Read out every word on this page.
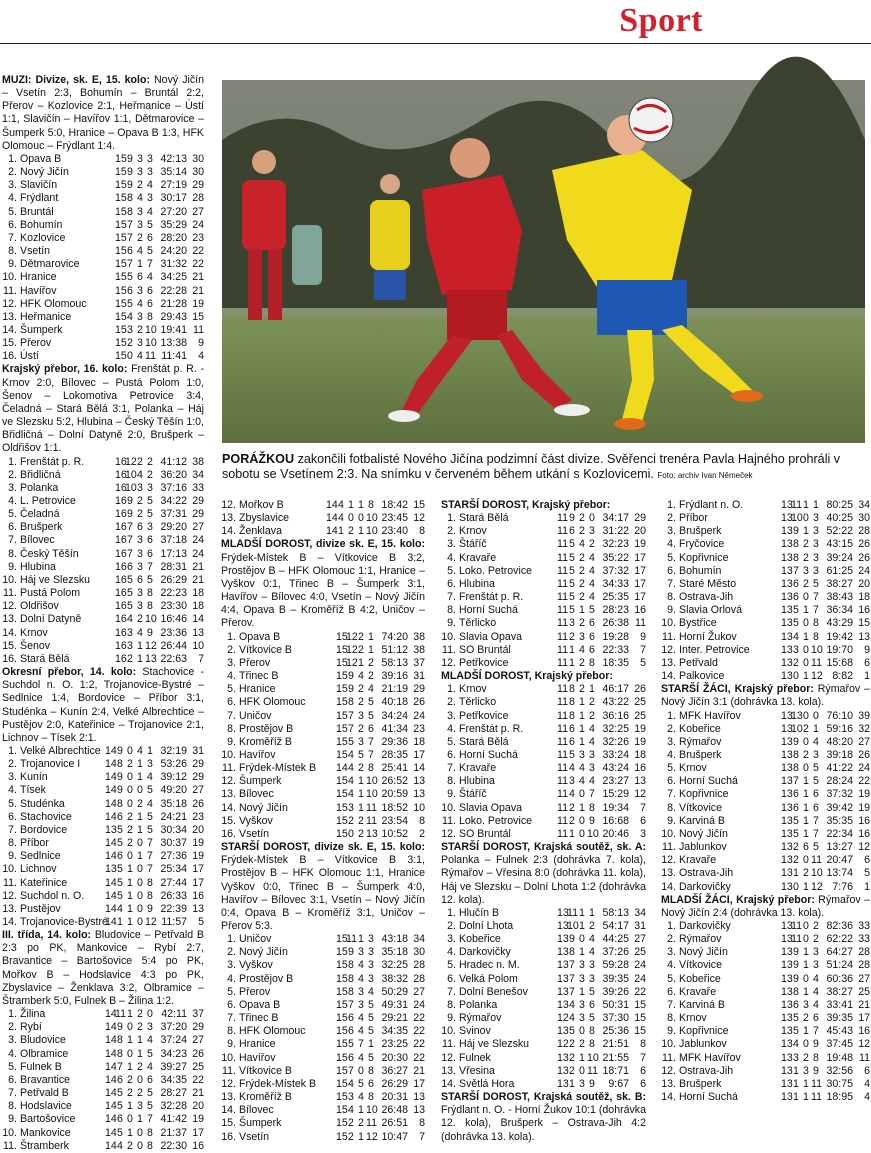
Sport
PORÁŽKOU zakončili fotbalisté Nového Jičína podzimní část divize. Svěřenci trenéra Pavla Hajného prohráli v sobotu se Vsetínem 2:3. Na snímku v červeném během utkání s Kozlovicemi. Foto: archiv Ivan Němeček

MUZI: Divize, sk. E, 15. kolo: Nový Jičín – Vsetín 2:3, Bohumín – Bruntál 2:2, Přerov – Kozlovice 2:1, Heřmanice – Ústí 1:1, Slavičín – Havířov 1:1, Dětmarovice – Šumperk 5:0, Hranice – Opava B 1:3, HFK Olomouc – Frýdlant 1:4.

1.	Opava B	15	9	3	3	42:13	30
2.	Nový Jičín	15	9	3	3	35:14	30
3.	Slavičín	15	9	2	4	27:19	29
4.	Frýdlant	15	8	4	3	30:17	28
5.	Bruntál	15	8	3	4	27:20	27
6.	Bohumín	15	7	3	5	35:29	24
7.	Kozlovice	15	7	2	6	28:20	23
8.	Vsetín	15	6	4	5	24:20	22
9.	Dětmarovice	15	7	1	7	31:32	22
10.	Hranice	15	5	6	4	34:25	21
11.	Havířov	15	6	3	6	22:28	21
12.	HFK Olomouc	15	5	4	6	21:28	19
13.	Heřmanice	15	4	3	8	29:43	15
14.	Šumperk	15	3	2	10	19:41	11
15.	Přerov	15	2	3	10	13:38	9
16.	Ústí	15	0	4	11	11:41	4

Krajský přebor, 16. kolo: Frenštát p. R. - Krnov 2:0, Bílovec – Pustá Polom 1:0, Šenov – Lokomotiva Petrovice 3:4, Čeladná – Stará Bělá 3:1, Polanka – Háj ve Slezsku 5:2, Hlubina – Český Těšín 1:0, Břidličná – Dolní Datyně 2:0, Brušperk – Oldřišov 1:1.

1.	Frenštát p. R.	16	12	2	2	41:12	38
2.	Břidličná	16	10	4	2	36:20	34
3.	Polanka	16	10	3	3	37:16	33
4.	L. Petrovice	16	9	2	5	34:22	29
5.	Čeladná	16	9	2	5	37:31	29
6.	Brušperk	16	7	6	3	29:20	27
7.	Bílovec	16	7	3	6	37:18	24
8.	Český Těšín	16	7	3	6	17:13	24
9.	Hlubina	16	6	3	7	28:31	21
10.	Háj ve Slezsku	16	5	6	5	26:29	21
11.	Pustá Polom	16	5	3	8	22:23	18
12.	Oldřišov	16	5	3	8	23:30	18
13.	Dolní Datyně	16	4	2	10	16:46	14
14.	Krnov	16	3	4	9	23:36	13
15.	Šenov	16	3	1	12	26:44	10
16.	Stará Bělá	16	2	1	13	22:63	7

Okresní přebor, 14. kolo: Stachovice - Suchdol n. O. 1:2, Trojanovice-Bystré – Sedlnice 1:4, Bordovice – Příbor 3:1, Studénka – Kunín 2:4, Velké Albrechtice – Pustějov 2:0, Kateřinice – Trojanovice 2:1, Lichnov – Tísek 2:1.

1.	Velké Albrechtice	14	9	0	4	1	32:19	31
2.	Trojanovice I	14	8	2	1	3	53:26	29
3.	Kunín	14	9	0	1	4	39:12	29
4.	Tísek	14	9	0	0	5	49:20	27
5.	Studénka	14	8	0	2	4	35:18	26
6.	Stachovice	14	6	2	1	5	24:21	23
7.	Bordovice	13	5	2	1	5	30:34	20
8.	Příbor	14	5	2	0	7	30:37	19
9.	Sedlnice	14	6	0	1	7	27:36	19
10.	Lichnov	13	5	1	0	7	25:34	17
11.	Kateřinice	14	5	1	0	8	27:44	17
12.	Suchdol n. O.	14	5	1	0	8	26:33	16
13.	Pustějov	14	4	1	0	9	22:39	13
14.	Trojanovice-Bystré	14	1	1	0	12	11:57	5

III. třída, 14. kolo: Bludovice – Petřvald B 2:3 po PK, Mankovice – Rybí 2:7, Bravantice – Bartošovice 5:4 po PK, Mořkov B – Hodslavice 4:3 po PK, Zbyslavice – Ženklava 3:2, Olbramice – Štramberk 5:0, Fulnek B – Žilina 1:2.

1.	Žilina	14	11	1	2	0	42:11	37
2.	Rybí	14	9	0	2	3	37:20	29
3.	Bludovice	14	8	1	1	4	37:24	27
4.	Olbramice	14	8	0	1	5	34:23	26
5.	Fulnek B	14	7	1	2	4	39:27	25
6.	Bravantice	14	6	2	0	6	34:35	22
7.	Petřvald B	14	5	2	2	5	28:27	21
8.	Hodslavice	14	5	1	3	5	32:28	20
9.	Bartošovice	14	6	0	1	7	41:42	19
10.	Mankovice	14	5	1	0	8	21:37	17
11.	Štramberk	14	4	2	0	8	22:30	16
12.	Mořkov B	14	4	1	1	8	18:42	15
13.	Zbyslavice	14	4	0	0	10	23:45	12
14.	Ženklava	14	1	2	1	10	23:40	8

MLADŠÍ DOROST, divize sk. E, 15. kolo: Frýdek-Místek B – Vítkovice B 3:2, Prostějov B – HFK Olomouc 1:1, Hranice – Vyškov 0:1, Třinec B – Šumperk 3:1, Havířov – Bílovec 4:0, Vsetín – Nový Jičín 4:4, Opava B – Kroměříž B 4:2, Uničov – Přerov.

1.	Opava B	15	12	2	1	74:20	38
2.	Vítkovice B	15	12	2	1	51:12	38
3.	Přerov	15	12	1	2	58:13	37
4.	Třinec B	15	9	4	2	39:16	31
5.	Hranice	15	9	2	4	21:19	29
6.	HFK Olomouc	15	8	2	5	40:18	26
7.	Uničov	15	7	3	5	34:24	24
8.	Prostějov B	15	7	2	6	41:34	23
9.	Kroměříž B	15	5	3	7	29:36	18
10.	Havířov	15	4	5	7	28:35	17
11.	Frýdek-Místek B	14	4	2	8	25:41	14
12.	Šumperk	15	4	1	10	26:52	13
13.	Bílovec	15	4	1	10	20:59	13
14.	Nový Jičín	15	3	1	11	18:52	10
15.	Vyškov	15	2	2	11	23:54	8
16.	Vsetín	15	0	2	13	10:52	2

STARŠÍ DOROST, divize sk. E, 15. kolo: Frýdek-Místek B – Vítkovice B 3:1, Prostějov B – HFK Olomouc 1:1, Hranice Vyškov 0:0, Třinec B – Šumperk 4:0, Havířov – Bílovec 3:1, Vsetín – Nový Jičín 0:4, Opava B – Kroměříž 3:1, Uničov – Přerov 5:3.

1.	Uničov	15	11	1	3	43:18	34
2.	Nový Jičín	15	9	3	3	35:18	30
3.	Vyškov	15	8	4	3	32:25	28
4.	Prostějov B	15	8	4	3	38:32	28
5.	Přerov	15	8	3	4	50:29	27
6.	Opava B	15	7	3	5	49:31	24
7.	Třinec B	15	6	4	5	29:21	22
8.	HFK Olomouc	15	6	4	5	34:35	22
9.	Hranice	15	5	7	1	23:25	22
10.	Havířov	15	6	4	5	20:30	22
11.	Vítkovice B	15	7	0	8	36:27	21
12.	Frýdek-Místek B	15	4	5	6	26:29	17
13.	Kroměříž B	15	3	4	8	20:31	13
14.	Bílovec	15	4	1	10	26:48	13
15.	Šumperk	15	2	2	11	26:51	8
16.	Vsetín	15	2	1	12	10:47	7

STARŠÍ DOROST, Krajský přebor:

1.	Stará Bělá	11	9	2	0	34:17	29
2.	Krnov	11	6	2	3	31:22	20
3.	Štáříč	11	5	4	2	32:23	19
4.	Kravaře	11	5	2	4	35:22	17
5.	Loko. Petrovice	11	5	2	4	37:32	17
6.	Hlubina	11	5	2	4	34:33	17
7.	Frenštát p. R.	11	5	2	4	25:35	17
8.	Horní Suchá	11	5	1	5	28:23	16
9.	Těrlicko	11	3	2	6	26:38	11
10.	Slavia Opava	11	2	3	6	19:28	9
11.	SO Bruntál	11	1	4	6	22:33	7
12.	Petřkovice	11	1	2	8	18:35	5

MLADŠÍ DOROST, Krajský přebor:

1.	Krnov	11	8	2	1	46:17	26
2.	Těrlicko	11	8	1	2	43:22	25
3.	Petřkovice	11	8	1	2	36:16	25
4.	Frenštát p. R.	11	6	1	4	32:25	19
5.	Stará Bělá	11	6	1	4	32:26	19
6.	Horní Suchá	11	5	3	3	33:24	18
7.	Kravaře	11	4	4	3	43:24	16
8.	Hlubina	11	3	4	4	23:27	13
9.	Štáříč	11	4	0	7	15:29	12
10.	Slavia Opava	11	2	1	8	19:34	7
11.	Loko. Petrovice	11	2	0	9	16:68	6
12.	SO Bruntál	11	1	0	10	20:46	3

STARŠÍ DOROST, Krajská soutěž, sk. A: Polanka – Fulnek 2:3 (dohrávka 7. kola), Rýmařov – Vřesina 8:0 (dohrávka 11. kola), Háj ve Slezsku – Dolní Lhota 1:2 (dohrávka 12. kola).

1.	Hlučín B	13	11	1	1	58:13	34
2.	Dolní Lhota	13	10	1	2	54:17	31
3.	Kobeřice	13	9	0	4	44:25	27
4.	Darkovičky	13	8	1	4	37:26	25
5.	Hradec n. M.	13	7	3	3	59:28	24
6.	Velká Polom	13	7	3	3	39:35	24
7.	Dolní Benešov	13	7	1	5	39:26	22
8.	Polanka	13	4	3	6	50:31	15
9.	Rýmařov	12	4	3	5	37:30	15
10.	Svinov	13	5	0	8	25:36	15
11.	Háj ve Slezsku	12	2	2	8	21:51	8
12.	Fulnek	13	2	1	10	21:55	7
13.	Vřesina	13	2	0	11	18:71	6
14.	Světlá Hora	13	1	3	9	9:67	6

STARŠÍ DOROST, Krajská soutěž, sk. B: Frýdlant n. O. - Horní Žukov 10:1 (dohrávka 12. kola), Brušperk – Ostrava-Jih 4:2 (dohrávka 13. kola).

1.	Frýdlant n. O.	13	11	1	1	80:25	34
2.	Příbor	13	10	0	3	40:25	30
3.	Brušperk	13	9	1	3	52:22	28
4.	Fryčovice	13	8	2	3	43:15	26
5.	Kopřivnice	13	8	2	3	39:24	26
6.	Bohumín	13	7	3	3	61:25	24
7.	Staré Město	13	6	2	5	38:27	20
8.	Ostrava-Jih	13	6	0	7	38:43	18
9.	Slavia Orlová	13	5	1	7	36:34	16
10.	Bystřice	13	5	0	8	43:29	15
11.	Horní Žukov	13	4	1	8	19:42	13
12.	Inter. Petrovice	13	3	0	10	19:70	9
13.	Petřvald	13	2	0	11	15:68	6
14.	Palkovice	13	0	1	12	8:82	1

STARŠÍ ŽÁCI, Krajský přebor: Rýmařov – Nový Jičín 3:1 (dohrávka 13. kola).

1.	MFK Havířov	13	13	0	0	76:10	39
2.	Kobeřice	13	10	2	1	59:16	32
3.	Rýmařov	13	9	0	4	48:20	27
4.	Brušperk	13	8	2	3	39:18	26
5.	Krnov	13	8	0	5	41:22	24
6.	Horní Suchá	13	7	1	5	28:24	22
7.	Kopřivnice	13	6	1	6	37:32	19
8.	Vítkovice	13	6	1	6	39:42	19
9.	Karviná B	13	5	1	7	35:35	16
10.	Nový Jičín	13	5	1	7	22:34	16
11.	Jablunkov	13	2	6	5	13:27	12
12.	Kravaře	13	2	0	11	20:47	6
13.	Ostrava-Jih	13	1	2	10	13:74	5
14.	Darkovičky	13	0	1	12	7:76	1

MLADŠÍ ŽÁCI, Krajský přebor: Rýmařov – Nový Jičín 2:4 (dohrávka 13. kola).

1.	Darkovičky	13	11	0	2	82:36	33
2.	Rýmařov	13	11	0	2	62:22	33
3.	Nový Jičín	13	9	1	3	64:27	28
4.	Vítkovice	13	9	1	3	51:24	28
5.	Kobeřice	13	9	0	4	60:36	27
6.	Kravaře	13	8	1	4	38:27	25
7.	Karviná B	13	6	3	4	33:41	21
8.	Krnov	13	5	2	6	39:35	17
9.	Kopřivnice	13	5	1	7	45:43	16
10.	Jablunkov	13	4	0	9	37:45	12
11.	MFK Havířov	13	3	2	8	19:48	11
12.	Ostrava-Jih	13	1	3	9	32:56	6
13.	Brušperk	13	1	1	11	30:75	4
14.	Horní Suchá	13	1	1	11	18:95	4
